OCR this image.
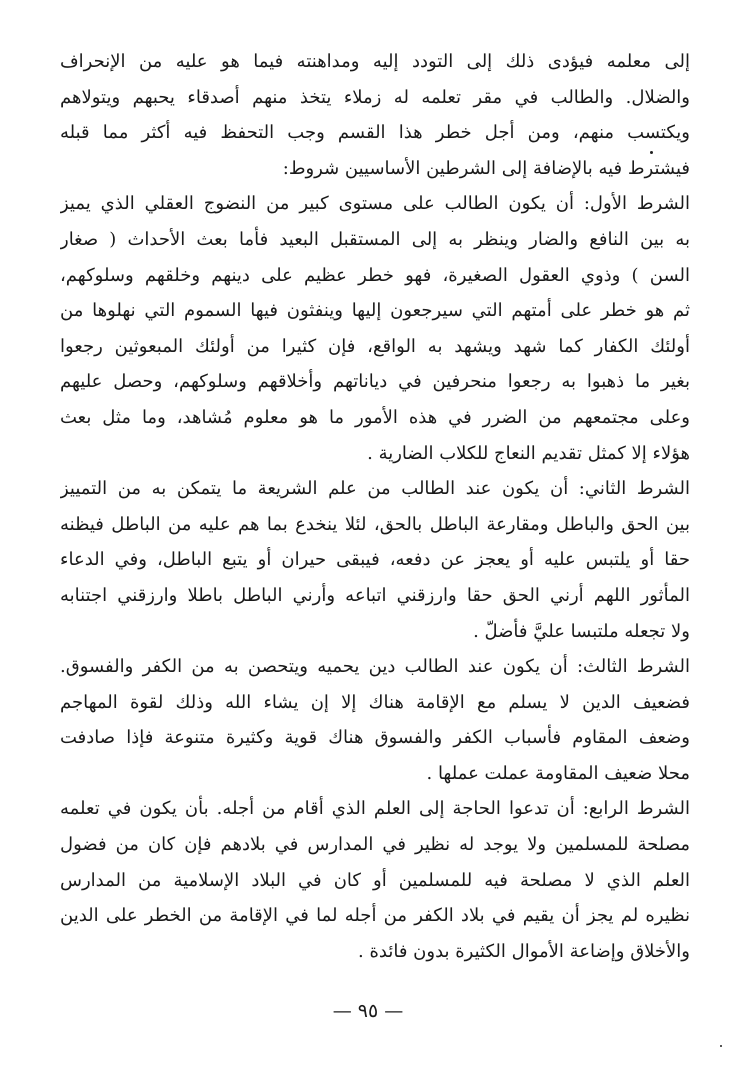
إلى معلمه فيؤدى ذلك إلى التودد إليه ومداهنته فيما هو عليه من الإنحراف
والضلال. والطالب في مقر تعلمه له زملاء يتخذ منهم أصدقاء يحبهم ويتولاهم
ويكتسب منهم، ومن أجل خطر هذا القسم وجب التحفظ فيه أكثر مما قبله
فيشترط فيه بالإضافة إلى الشرطين الأساسيين شروط:
الشرط الأول: أن يكون الطالب على مستوى كبير من النضوج العقلي الذي يميز
به بين النافع والضار وينظر به إلى المستقبل البعيد فأما بعث الأحداث ( صغار
السن ) وذوي العقول الصغيرة، فهو خطر عظيم على دينهم وخلقهم وسلوكهم،
ثم هو خطر على أمتهم التي سيرجعون إليها وينفثون فيها السموم التي نهلوها من
أولئك الكفار كما شهد ويشهد به الواقع، فإن كثيرا من أولئك المبعوثين رجعوا
بغير ما ذهبوا به رجعوا منحرفين في دياناتهم وأخلاقهم وسلوكهم، وحصل عليهم
وعلى مجتمعهم من الضرر في هذه الأمور ما هو معلوم مُشاهد، وما مثل بعث
هؤلاء إلا كمثل تقديم النعاج للكلاب الضارية .
الشرط الثاني: أن يكون عند الطالب من علم الشريعة ما يتمكن به من التمييز
بين الحق والباطل ومقارعة الباطل بالحق، لئلا ينخدع بما هم عليه من الباطل فيظنه
حقا أو يلتبس عليه أو يعجز عن دفعه، فيبقى حيران أو يتبع الباطل، وفي الدعاء
المأثور اللهم أرني الحق حقا وارزقني اتباعه وأرني الباطل باطلا وارزقني اجتنابه
ولا تجعله ملتبسا عليَّ فأضلّ .
الشرط الثالث: أن يكون عند الطالب دين يحميه ويتحصن به من الكفر والفسوق.
فضعيف الدين لا يسلم مع الإقامة هناك إلا إن يشاء الله وذلك لقوة المهاجم
وضعف المقاوم فأسباب الكفر والفسوق هناك قوية وكثيرة متنوعة فإذا صادفت
محلا ضعيف المقاومة عملت عملها .
الشرط الرابع: أن تدعوا الحاجة إلى العلم الذي أقام من أجله. بأن يكون في تعلمه
مصلحة للمسلمين ولا يوجد له نظير في المدارس في بلادهم فإن كان من فضول
العلم الذي لا مصلحة فيه للمسلمين أو كان في البلاد الإسلامية من المدارس
نظيره لم يجز أن يقيم في بلاد الكفر من أجله لما في الإقامة من الخطر على الدين
والأخلاق وإضاعة الأموال الكثيرة بدون فائدة .
— ٩٥ —
